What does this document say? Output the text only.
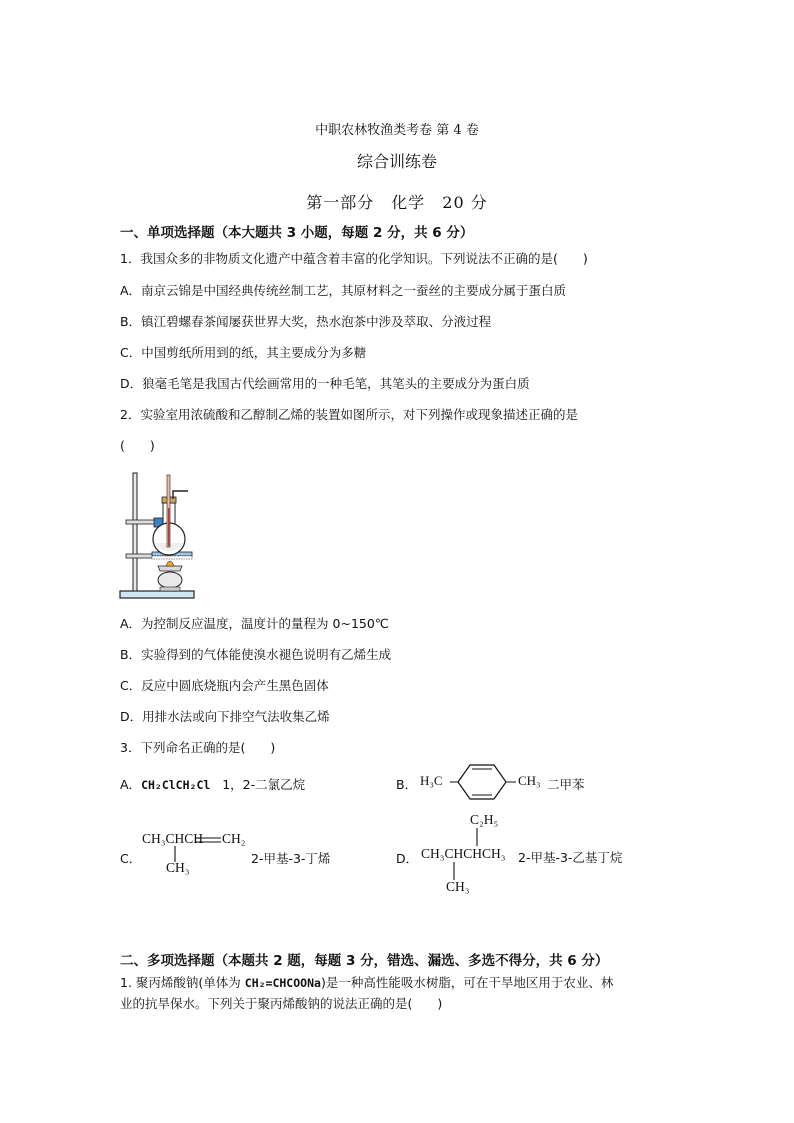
中职农林牧渔类考卷 第 4 卷
综合训练卷
第一部分　化学　20 分
一、单项选择题（本大题共 3 小题，每题 2 分，共 6 分）
1．我国众多的非物质文化遗产中蕴含着丰富的化学知识。下列说法不正确的是(　　)
A．南京云锦是中国经典传统丝制工艺，其原材料之一蚕丝的主要成分属于蛋白质
B．镇江碧螺春茶闻屡获世界大奖，热水泡茶中涉及萃取、分液过程
C．中国剪纸所用到的纸，其主要成分为多糖
D．狼毫毛笔是我国古代绘画常用的一种毛笔，其笔头的主要成分为蛋白质
2．实验室用浓硫酸和乙醇制乙烯的装置如图所示，对下列操作或现象描述正确的是
(　　)
A．为控制反应温度，温度计的量程为 0~150℃
B．实验得到的气体能使溴水褪色说明有乙烯生成
C．反应中圆底烧瓶内会产生黑色固体
D．用排水法或向下排空气法收集乙烯
3．下列命名正确的是(　　)
A．CH₂ClCH₂Cl 1，2-二氯乙烷	B． H₃C	CH₃ 二甲苯
C．
CH₃CHCH CH₂
CH₃
2-甲基-3-丁烯	D．
C₂H₅
CH₃CHCHCH₃
CH₃
2-甲基-3-乙基丁烷
二、多项选择题（本题共 2 题，每题 3 分，错选、漏选、多选不得分，共 6 分）
1. 聚丙烯酸钠(单体为 CH₂=CHCOONa)是一种高性能吸水树脂，可在干旱地区用于农业、林
业的抗旱保水。下列关于聚丙烯酸钠的说法正确的是(　　)
